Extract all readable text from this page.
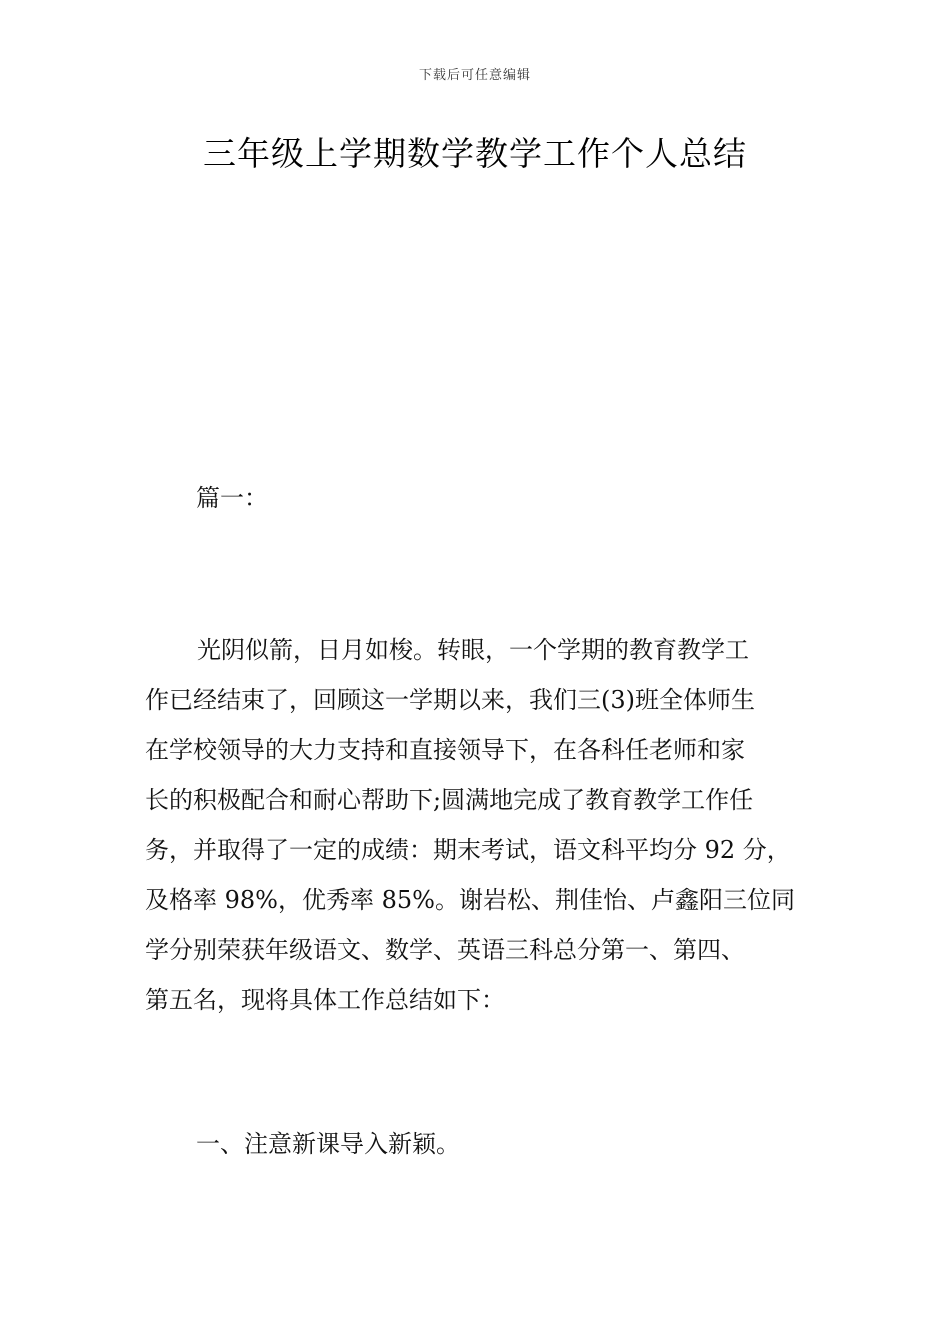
下载后可任意编辑
三年级上学期数学教学工作个人总结
篇一：
光阴似箭，日月如梭。转眼，一个学期的教育教学工
作已经结束了，回顾这一学期以来，我们三(3)班全体师生
在学校领导的大力支持和直接领导下，在各科任老师和家
长的积极配合和耐心帮助下;圆满地完成了教育教学工作任
务，并取得了一定的成绩：期末考试，语文科平均分 92 分，
及格率 98%，优秀率 85%。谢岩松、荆佳怡、卢鑫阳三位同
学分别荣获年级语文、数学、英语三科总分第一、第四、
第五名，现将具体工作总结如下：
一、注意新课导入新颖。
